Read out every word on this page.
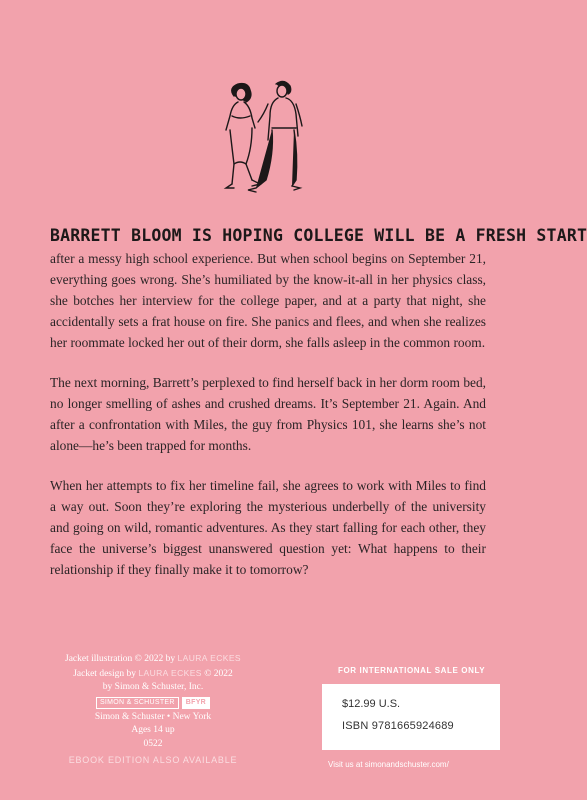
BARRETT BLOOM IS HOPING COLLEGE WILL BE A FRESH START

after a messy high school experience. But when school begins on September 21, everything goes wrong. She’s humiliated by the know-it-all in her physics class, she botches her interview for the college paper, and at a party that night, she accidentally sets a frat house on fire. She panics and flees, and when she realizes her roommate locked her out of their dorm, she falls asleep in the common room.

The next morning, Barrett’s perplexed to find herself back in her dorm room bed, no longer smelling of ashes and crushed dreams. It’s September 21. Again. And after a confrontation with Miles, the guy from Physics 101, she learns she’s not alone—he’s been trapped for months.

When her attempts to fix her timeline fail, she agrees to work with Miles to find a way out. Soon they’re exploring the mysterious underbelly of the university and going on wild, romantic adventures. As they start falling for each other, they face the universe’s biggest unanswered question yet: What happens to their relationship if they finally make it to tomorrow?

Jacket illustration © 2022 by LAURA ECKES
Jacket design by LAURA ECKES © 2022
by Simon & Schuster, Inc.
SIMON & SCHUSTER	BFYR
Simon & Schuster • New York
Ages 14 up
0522
EBOOK EDITION ALSO AVAILABLE
FOR INTERNATIONAL SALE ONLY
$12.99 U.S.
ISBN 9781665924689
Visit us at simonandschuster.com/
